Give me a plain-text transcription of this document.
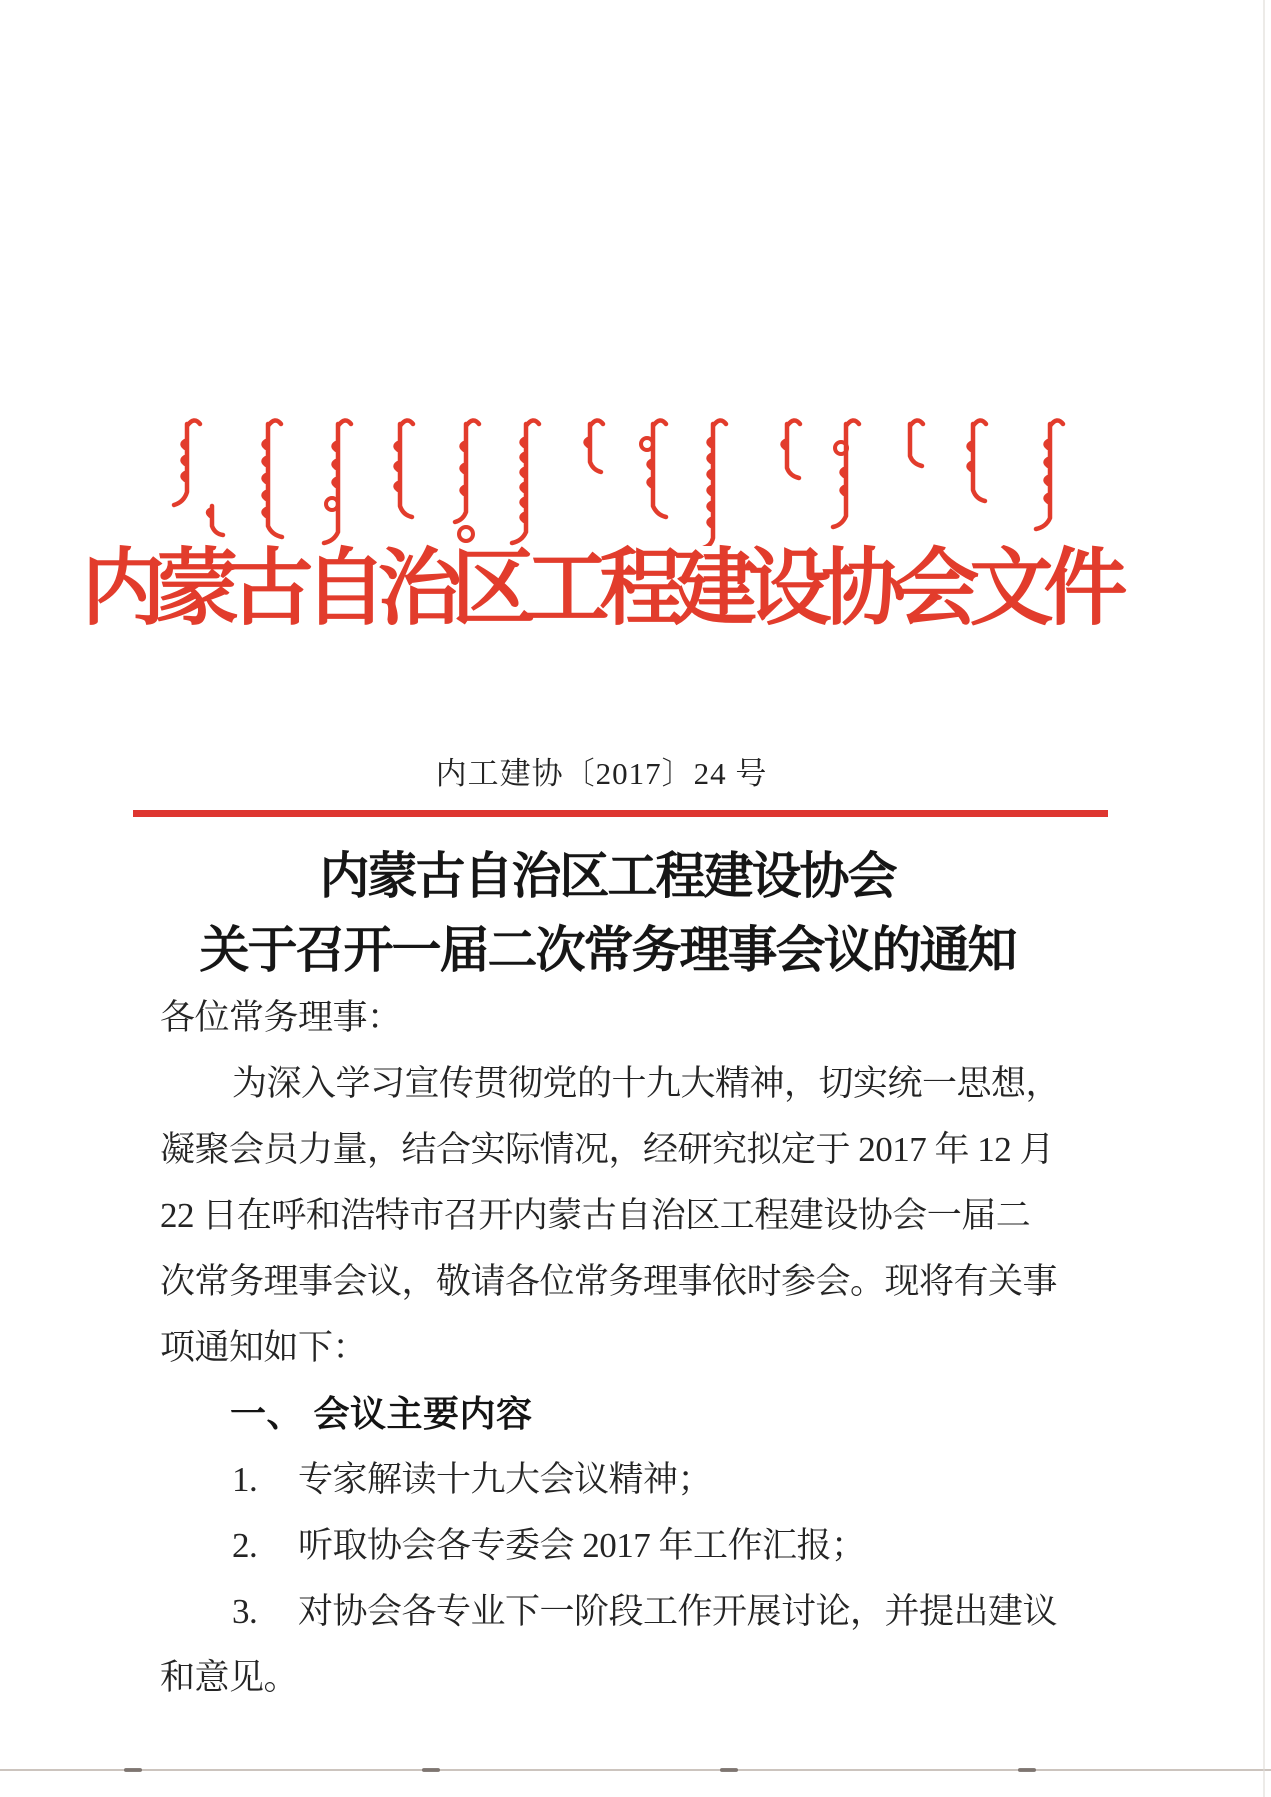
内蒙古自治区工程建设协会文件
内工建协〔2017〕24 号
内蒙古自治区工程建设协会
关于召开一届二次常务理事会议的通知
各位常务理事：
为深入学习宣传贯彻党的十九大精神，切实统一思想，
凝聚会员力量，结合实际情况，经研究拟定于 2017 年 12 月
22 日在呼和浩特市召开内蒙古自治区工程建设协会一届二
次常务理事会议，敬请各位常务理事依时参会。现将有关事
项通知如下：
一、 会议主要内容
1. 专家解读十九大会议精神；
2. 听取协会各专委会 2017 年工作汇报；
3. 对协会各专业下一阶段工作开展讨论，并提出建议
和意见。
